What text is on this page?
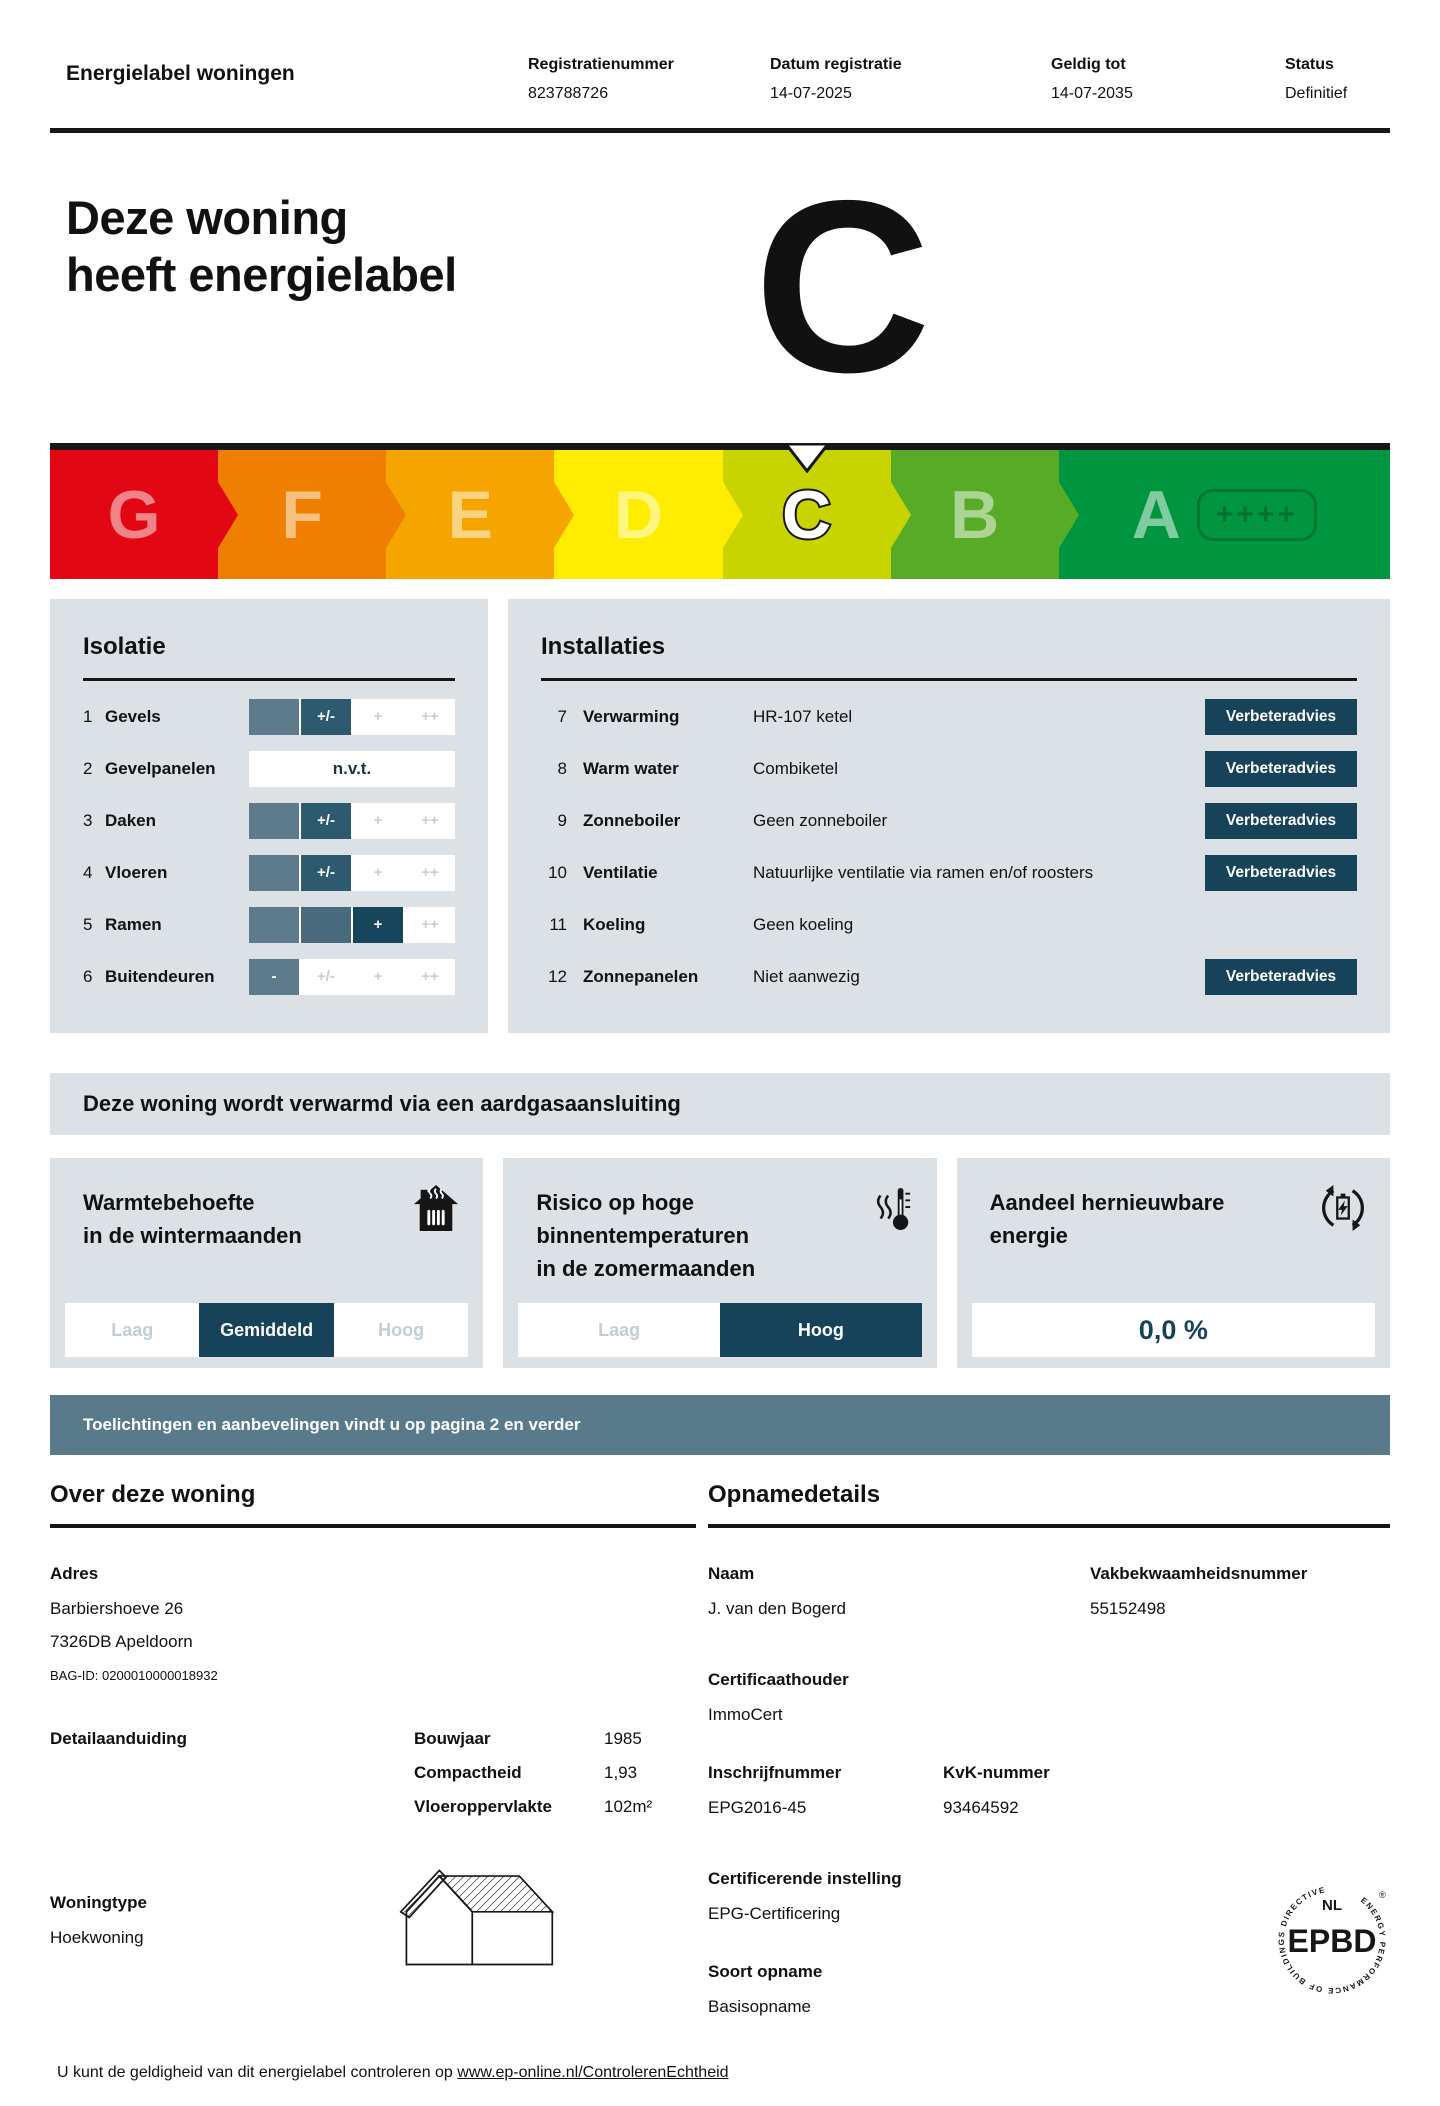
Energielabel woningen	Registratienummer
823788726
Datum registratie
14-07-2025
Geldig tot
14-07-2035
Status
Definitief
Deze woning
heeft energielabel	C
G F E D C B A	++++
Isolatie
1 Gevels	+/-	+	++
2 Gevelpanelen	n.v.t.
3 Daken	+/-	+	++
4 Vloeren	+/-	+	++
5 Ramen	+	++
6 Buitendeuren	-	+/-	+	++
Installaties
7 Verwarming	HR-107 ketel	Verbeteradvies
8 Warm water	Combiketel	Verbeteradvies
9 Zonneboiler	Geen zonneboiler	Verbeteradvies
10 Ventilatie	Natuurlijke ventilatie via ramen en/of roosters	Verbeteradvies
11 Koeling	Geen koeling
12 Zonnepanelen	Niet aanwezig	Verbeteradvies
Deze woning wordt verwarmd via een aardgasaansluiting
Warmtebehoefte
in de wintermaanden
Laag	Gemiddeld	Hoog
Risico op hoge
binnentemperaturen
in de zomermaanden
Laag	Hoog
Aandeel hernieuwbare
energie
0,0 %
Toelichtingen en aanbevelingen vindt u op pagina 2 en verder
Over deze woning
Adres
Barbiershoeve 26
7326DB Apeldoorn
BAG-ID: 0200010000018932
Detailaanduiding	Bouwjaar	1985
Compactheid	1,93
Vloeroppervlakte	102m²
Woningtype
Hoekwoning
Opnamedetails
Naam
J. van den Bogerd
Vakbekwaamheidsnummer
55152498
Certificaathouder
ImmoCert
Inschrijfnummer
EPG2016-45
KvK-nummer
93464592
Certificerende instelling
EPG-Certificering
Soort opname
Basisopname
ENERGY PERFORMANCE OF BUILDINGS DIRECTIVE
NL
EPBD
®
U kunt de geldigheid van dit energielabel controleren op www.ep-online.nl/ControlerenEchtheid
